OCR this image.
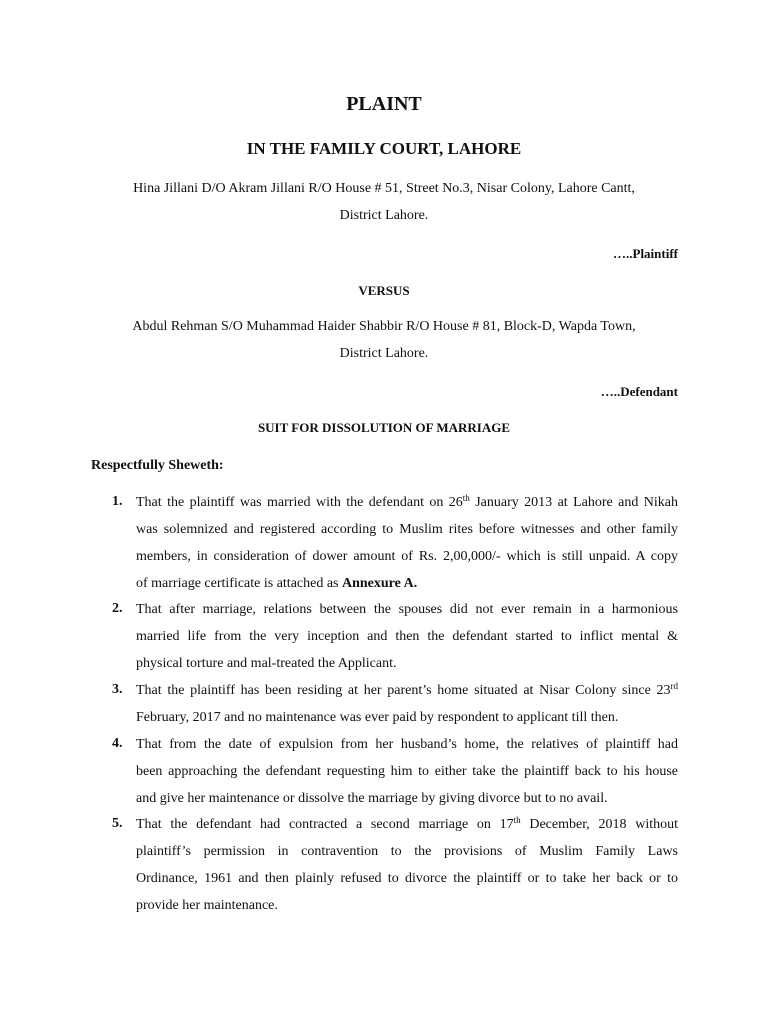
PLAINT
IN THE FAMILY COURT, LAHORE
Hina Jillani D/O Akram Jillani R/O House # 51, Street No.3, Nisar Colony, Lahore Cantt,
District Lahore.
…..Plaintiff
VERSUS
Abdul Rehman S/O Muhammad Haider Shabbir R/O House # 81, Block-D, Wapda Town,
District Lahore.
…..Defendant
SUIT FOR DISSOLUTION OF MARRIAGE
Respectfully Sheweth:
1. That the plaintiff was married with the defendant on 26th January 2013 at Lahore and Nikah
was solemnized and registered according to Muslim rites before witnesses and other family
members, in consideration of dower amount of Rs. 2,00,000/- which is still unpaid. A copy
of marriage certificate is attached as Annexure A.
2. That after marriage, relations between the spouses did not ever remain in a harmonious
married life from the very inception and then the defendant started to inflict mental &
physical torture and mal-treated the Applicant.
3. That the plaintiff has been residing at her parent’s home situated at Nisar Colony since 23rd
February, 2017 and no maintenance was ever paid by respondent to applicant till then.
4. That from the date of expulsion from her husband’s home, the relatives of plaintiff had
been approaching the defendant requesting him to either take the plaintiff back to his house
and give her maintenance or dissolve the marriage by giving divorce but to no avail.
5. That the defendant had contracted a second marriage on 17th December, 2018 without
plaintiff’s permission in contravention to the provisions of Muslim Family Laws
Ordinance, 1961 and then plainly refused to divorce the plaintiff or to take her back or to
provide her maintenance.
